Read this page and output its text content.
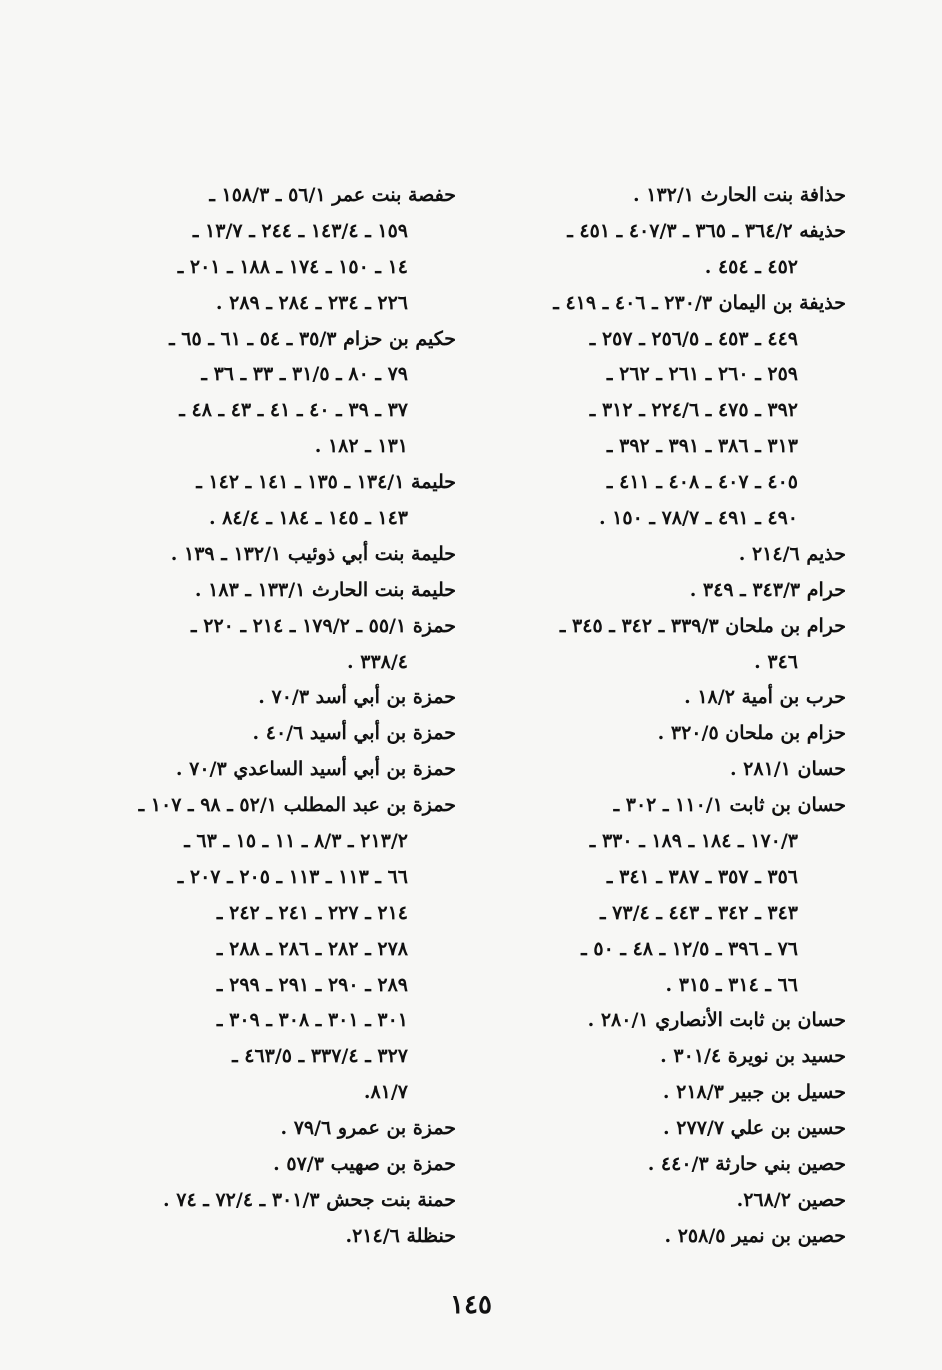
حذافة بنت الحارث ١٣٢/١ .
حذيفه ٣٦٤/٢ ـ ٣٦٥ ـ ٤٠٧/٣ ـ ٤٥١ ـ
٤٥٢ ـ ٤٥٤ .
حذيفة بن اليمان ٢٣٠/٣ ـ ٤٠٦ ـ ٤١٩ ـ
٤٤٩ ـ ٤٥٣ ـ ٢٥٦/٥ ـ ٢٥٧ ـ
٢٥٩ ـ ٢٦٠ ـ ٢٦١ ـ ٢٦٢ ـ
٣٩٢ ـ ٤٧٥ ـ ٢٢٤/٦ ـ ٣١٢ ـ
٣١٣ ـ ٣٨٦ ـ ٣٩١ ـ ٣٩٢ ـ
٤٠٥ ـ ٤٠٧ ـ ٤٠٨ ـ ٤١١ ـ
٤٩٠ ـ ٤٩١ ـ ٧٨/٧ ـ ١٥٠ .
حذيم ٢١٤/٦ .
حرام ٣٤٣/٣ ـ ٣٤٩ .
حرام بن ملحان ٣٣٩/٣ ـ ٣٤٢ ـ ٣٤٥ ـ
٣٤٦ .
حرب بن أمية ١٨/٢ .
حزام بن ملحان ٣٢٠/٥ .
حسان ٢٨١/١ .
حسان بن ثابت ١١٠/١ ـ ٣٠٢ ـ
١٧٠/٣ ـ ١٨٤ ـ ١٨٩ ـ ٣٣٠ ـ
٣٥٦ ـ ٣٥٧ ـ ٣٨٧ ـ ٣٤١ ـ
٣٤٣ ـ ٣٤٢ ـ ٤٤٣ ـ ٧٣/٤ ـ
٧٦ ـ ٣٩٦ ـ ١٢/٥ ـ ٤٨ ـ ٥٠ ـ
٦٦ ـ ٣١٤ ـ ٣١٥ .
حسان بن ثابت الأنصاري ٢٨٠/١ .
حسيد بن نويرة ٣٠١/٤ .
حسيل بن جبير ٢١٨/٣ .
حسين بن علي ٢٧٧/٧ .
حصين بني حارثة ٤٤٠/٣ .
حصين ٢٦٨/٢.
حصين بن نمير ٢٥٨/٥ .
حفصة بنت عمر ٥٦/١ ـ ١٥٨/٣ ـ
١٥٩ ـ ١٤٣/٤ ـ ٢٤٤ ـ ١٣/٧ ـ
١٤ ـ ١٥٠ ـ ١٧٤ ـ ١٨٨ ـ ٢٠١ ـ
٢٢٦ ـ ٢٣٤ ـ ٢٨٤ ـ ٢٨٩ .
حكيم بن حزام ٣٥/٣ ـ ٥٤ ـ ٦١ ـ ٦٥ ـ
٧٩ ـ ٨٠ ـ ٣١/٥ ـ ٣٣ ـ ٣٦ ـ
٣٧ ـ ٣٩ ـ ٤٠ ـ ٤١ ـ ٤٣ ـ ٤٨ ـ
١٣١ ـ ١٨٢ .
حليمة ١٣٤/١ ـ ١٣٥ ـ ١٤١ ـ ١٤٢ ـ
١٤٣ ـ ١٤٥ ـ ١٨٤ ـ ٨٤/٤ .
حليمة بنت أبي ذوئيب ١٣٢/١ ـ ١٣٩ .
حليمة بنت الحارث ١٣٣/١ ـ ١٨٣ .
حمزة ٥٥/١ ـ ١٧٩/٢ ـ ٢١٤ ـ ٢٢٠ ـ
٣٣٨/٤ .
حمزة بن أبي أسد ٧٠/٣ .
حمزة بن أبي أسيد ٤٠/٦ .
حمزة بن أبي أسيد الساعدي ٧٠/٣ .
حمزة بن عبد المطلب ٥٢/١ ـ ٩٨ ـ ١٠٧ ـ
٢١٣/٢ ـ ٨/٣ ـ ١١ ـ ١٥ ـ ٦٣ ـ
٦٦ ـ ١١٣ ـ ١١٣ ـ ٢٠٥ ـ ٢٠٧ ـ
٢١٤ ـ ٢٢٧ ـ ٢٤١ ـ ٢٤٢ ـ
٢٧٨ ـ ٢٨٢ ـ ٢٨٦ ـ ٢٨٨ ـ
٢٨٩ ـ ٢٩٠ ـ ٢٩١ ـ ٢٩٩ ـ
٣٠١ ـ ٣٠١ ـ ٣٠٨ ـ ٣٠٩ ـ
٣٢٧ ـ ٣٣٧/٤ ـ ٤٦٣/٥ ـ
٨١/٧.
حمزة بن عمرو ٧٩/٦ .
حمزة بن صهيب ٥٧/٣ .
حمنة بنت جحش ٣٠١/٣ ـ ٧٢/٤ ـ ٧٤ .
حنظلة ٢١٤/٦.
١٤٥
